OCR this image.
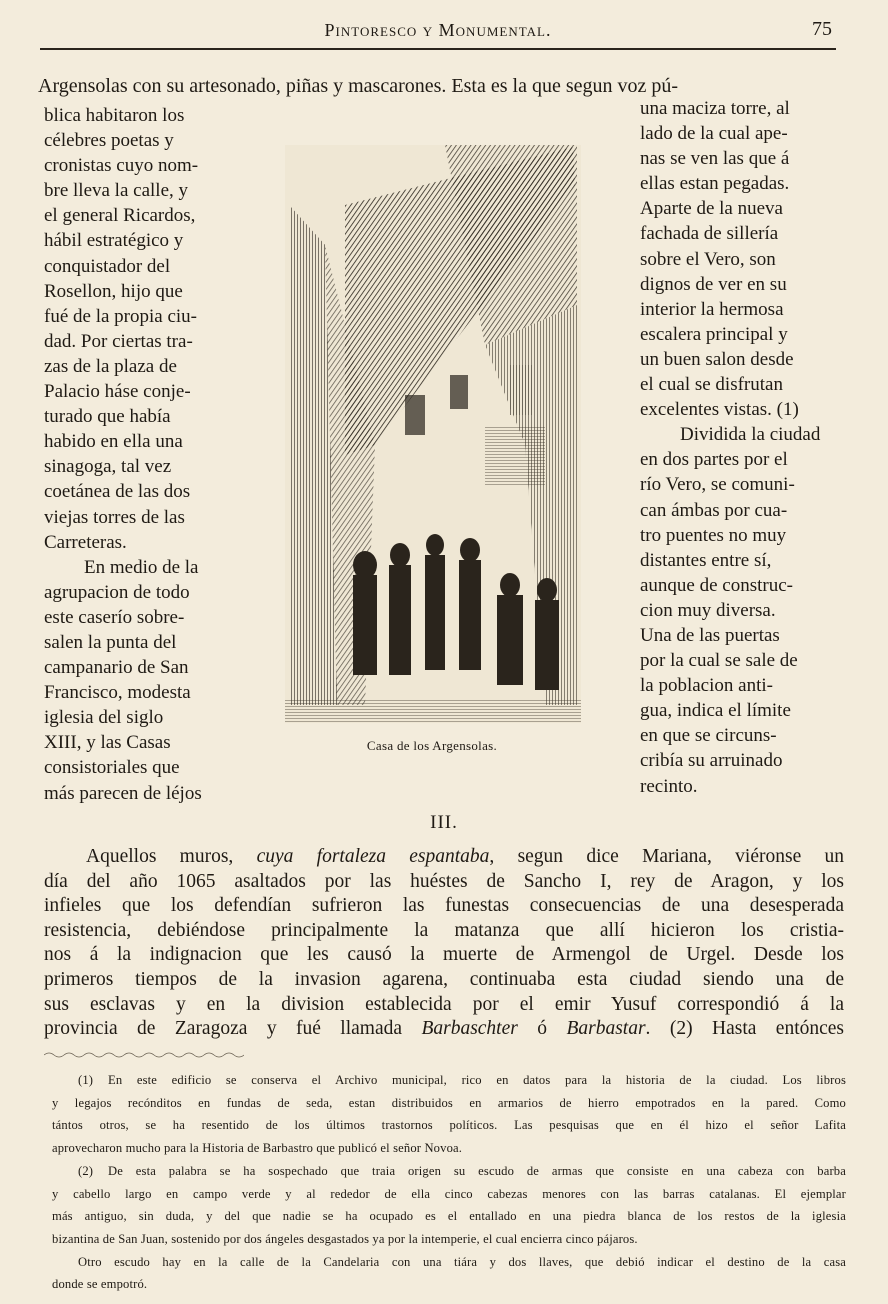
Pintoresco y Monumental.	75
Argensolas con su artesonado, piñas y mascarones. Esta es la que segun voz pú-
blica habitaron los
célebres poetas y
cronistas cuyo nom-
bre lleva la calle, y
el general Ricardos,
hábil estratégico y
conquistador del
Rosellon, hijo que
fué de la propia ciu-
dad. Por ciertas tra-
zas de la plaza de
Palacio háse conje-
turado que había
habido en ella una
sinagoga, tal vez
coetánea de las dos
viejas torres de las
Carreteras.
En medio de la
agrupacion de todo
este caserío sobre-
salen la punta del
campanario de San
Francisco, modesta
iglesia del siglo
XIII, y las Casas
consistoriales que
más parecen de léjos
una maciza torre, al
lado de la cual ape-
nas se ven las que á
ellas estan pegadas.
Aparte de la nueva
fachada de sillería
sobre el Vero, son
dignos de ver en su
interior la hermosa
escalera principal y
un buen salon desde
el cual se disfrutan
excelentes vistas. (1)
Dividida la ciudad
en dos partes por el
río Vero, se comuni-
can ámbas por cua-
tro puentes no muy
distantes entre sí,
aunque de construc-
cion muy diversa.
Una de las puertas
por la cual se sale de
la poblacion anti-
gua, indica el límite
en que se circuns-
cribía su arruinado
recinto.
Casa de los Argensolas.
III.
Aquellos muros, cuya fortaleza espantaba, segun dice Mariana, viéronse un
día del año 1065 asaltados por las huéstes de Sancho I, rey de Aragon, y los
infieles que los defendían sufrieron las funestas consecuencias de una desesperada
resistencia, debiéndose principalmente la matanza que allí hicieron los cristia-
nos á la indignacion que les causó la muerte de Armengol de Urgel. Desde los
primeros tiempos de la invasion agarena, continuaba esta ciudad siendo una de
sus esclavas y en la division establecida por el emir Yusuf correspondió á la
provincia de Zaragoza y fué llamada Barbaschter ó Barbastar. (2) Hasta entónces
(1) En este edificio se conserva el Archivo municipal, rico en datos para la historia de la ciudad. Los libros
y legajos recónditos en fundas de seda, estan distribuidos en armarios de hierro empotrados en la pared. Como
tántos otros, se ha resentido de los últimos trastornos políticos. Las pesquisas que en él hizo el señor Lafita
aprovecharon mucho para la Historia de Barbastro que publicó el señor Novoa.
(2) De esta palabra se ha sospechado que traia origen su escudo de armas que consiste en una cabeza con barba
y cabello largo en campo verde y al rededor de ella cinco cabezas menores con las barras catalanas. El ejemplar
más antiguo, sin duda, y del que nadie se ha ocupado es el entallado en una piedra blanca de los restos de la iglesia
bizantina de San Juan, sostenido por dos ángeles desgastados ya por la intemperie, el cual encierra cinco pájaros.
Otro escudo hay en la calle de la Candelaria con una tiára y dos llaves, que debió indicar el destino de la casa
donde se empotró.
